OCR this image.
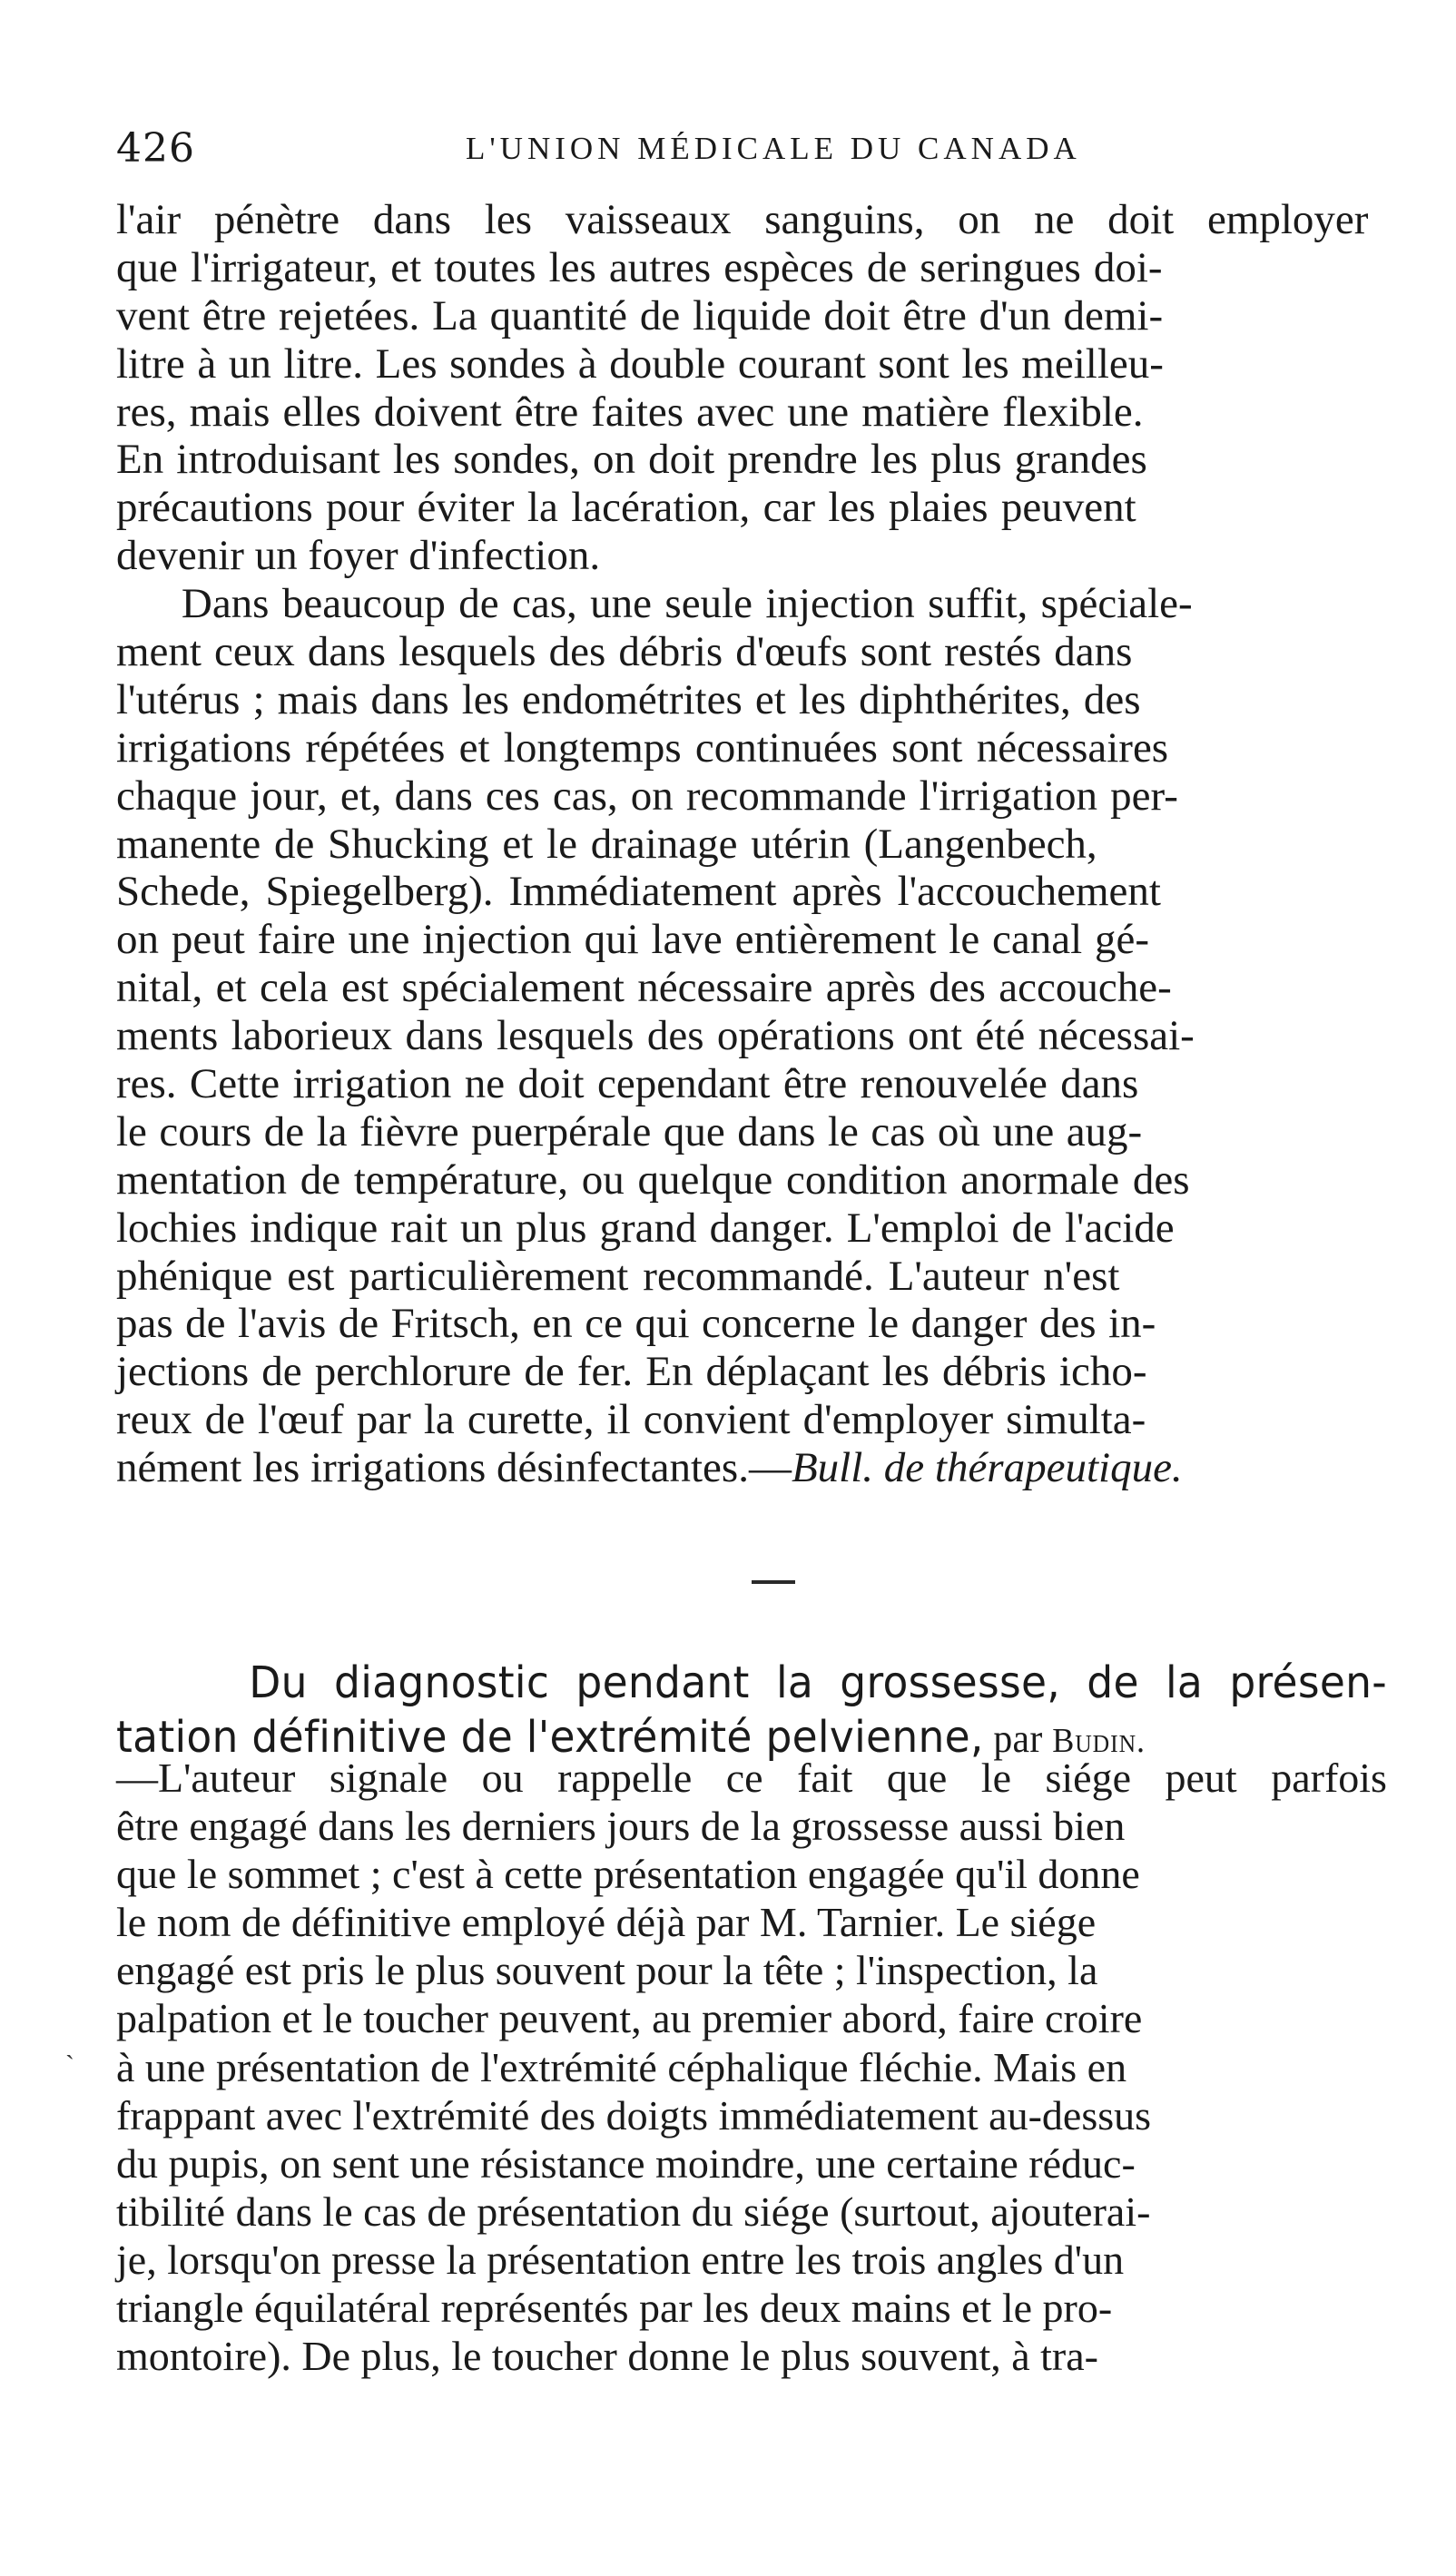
426	L'UNION MÉDICALE DU CANADA
l'air pénètre dans les vaisseaux sanguins, on ne doit employer
que l'irrigateur, et toutes les autres espèces de seringues doi-
vent être rejetées. La quantité de liquide doit être d'un demi-
litre à un litre. Les sondes à double courant sont les meilleu-
res, mais elles doivent être faites avec une matière flexible.
En introduisant les sondes, on doit prendre les plus grandes
précautions pour éviter la lacération, car les plaies peuvent
devenir un foyer d'infection.
Dans beaucoup de cas, une seule injection suffit, spéciale-
ment ceux dans lesquels des débris d'œufs sont restés dans
l'utérus ; mais dans les endométrites et les diphthérites, des
irrigations répétées et longtemps continuées sont nécessaires
chaque jour, et, dans ces cas, on recommande l'irrigation per-
manente de Shucking et le drainage utérin (Langenbech,
Schede, Spiegelberg). Immédiatement après l'accouchement
on peut faire une injection qui lave entièrement le canal gé-
nital, et cela est spécialement nécessaire après des accouche-
ments laborieux dans lesquels des opérations ont été nécessai-
res. Cette irrigation ne doit cependant être renouvelée dans
le cours de la fièvre puerpérale que dans le cas où une aug-
mentation de température, ou quelque condition anormale des
lochies indique rait un plus grand danger. L'emploi de l'acide
phénique est particulièrement recommandé. L'auteur n'est
pas de l'avis de Fritsch, en ce qui concerne le danger des in-
jections de perchlorure de fer. En déplaçant les débris icho-
reux de l'œuf par la curette, il convient d'employer simulta-
nément les irrigations désinfectantes.—Bull. de thérapeutique.
Du diagnostic pendant la grossesse, de la présen-
tation définitive de l'extrémité pelvienne, par Budin.
—L'auteur signale ou rappelle ce fait que le siége peut parfois
être engagé dans les derniers jours de la grossesse aussi bien
que le sommet ; c'est à cette présentation engagée qu'il donne
le nom de définitive employé déjà par M. Tarnier. Le siége
engagé est pris le plus souvent pour la tête ; l'inspection, la
palpation et le toucher peuvent, au premier abord, faire croire
à une présentation de l'extrémité céphalique fléchie. Mais en
frappant avec l'extrémité des doigts immédiatement au-dessus
du pupis, on sent une résistance moindre, une certaine réduc-
tibilité dans le cas de présentation du siége (surtout, ajouterai-
je, lorsqu'on presse la présentation entre les trois angles d'un
triangle équilatéral représentés par les deux mains et le pro-
montoire). De plus, le toucher donne le plus souvent, à tra-
ˏ
